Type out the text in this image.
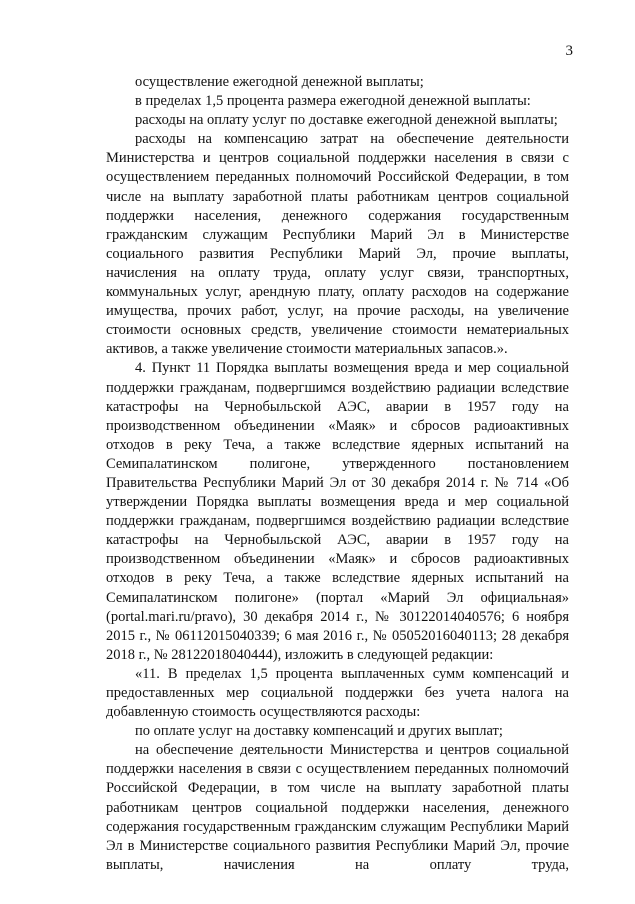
3

осуществление ежегодной денежной выплаты;

в пределах 1,5 процента размера ежегодной денежной выплаты:

расходы на оплату услуг по доставке ежегодной денежной выплаты;

расходы на компенсацию затрат на обеспечение деятельности Министерства и центров социальной поддержки населения в связи с осуществлением переданных полномочий Российской Федерации, в том числе на выплату заработной платы работникам центров социальной поддержки населения, денежного содержания государственным гражданским служащим Республики Марий Эл в Министерстве социального развития Республики Марий Эл, прочие выплаты, начисления на оплату труда, оплату услуг связи, транспортных, коммунальных услуг, арендную плату, оплату расходов на содержание имущества, прочих работ, услуг, на прочие расходы, на увеличение стоимости основных средств, увеличение стоимости нематериальных активов, а также увеличение стоимости материальных запасов.».

4. Пункт 11 Порядка выплаты возмещения вреда и мер социальной поддержки гражданам, подвергшимся воздействию радиации вследствие катастрофы на Чернобыльской АЭС, аварии в 1957 году на производственном объединении «Маяк» и сбросов радиоактивных отходов в реку Теча, а также вследствие ядерных испытаний на Семипалатинском полигоне, утвержденного постановлением Правительства Республики Марий Эл от 30 декабря 2014 г. № 714 «Об утверждении Порядка выплаты возмещения вреда и мер социальной поддержки гражданам, подвергшимся воздействию радиации вследствие катастрофы на Чернобыльской АЭС, аварии в 1957 году на производственном объединении «Маяк» и сбросов радиоактивных отходов в реку Теча, а также вследствие ядерных испытаний на Семипалатинском полигоне» (портал «Марий Эл официальная» (portal.mari.ru/pravo), 30 декабря 2014 г., № 30122014040576; 6 ноября 2015 г., № 06112015040339; 6 мая 2016 г., № 05052016040113; 28 декабря 2018 г., № 28122018040444), изложить в следующей редакции:

«11. В пределах 1,5 процента выплаченных сумм компенсаций и предоставленных мер социальной поддержки без учета налога на добавленную стоимость осуществляются расходы:

по оплате услуг на доставку компенсаций и других выплат;

на обеспечение деятельности Министерства и центров социальной поддержки населения в связи с осуществлением переданных полномочий Российской Федерации, в том числе на выплату заработной платы работникам центров социальной поддержки населения, денежного содержания государственным гражданским служащим Республики Марий Эл в Министерстве социального развития Республики Марий Эл, прочие выплаты, начисления на оплату труда,
